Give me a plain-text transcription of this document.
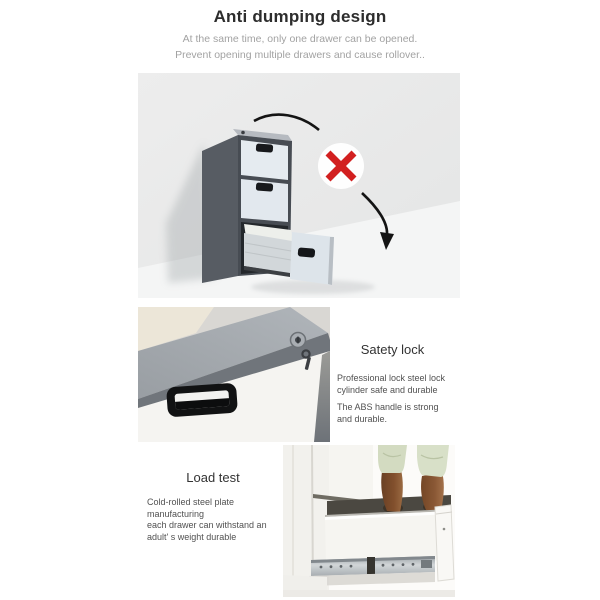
Anti dumping design
At the same time, only one drawer can be opened.
Prevent opening multiple drawers and cause rollover..
Satety lock
Professional lock steel lock
cylinder safe and durable
The ABS handle is strong
and durable.
Load test
Cold-rolled steel plate manufacturing
each drawer can withstand an
adult' s weight durable
